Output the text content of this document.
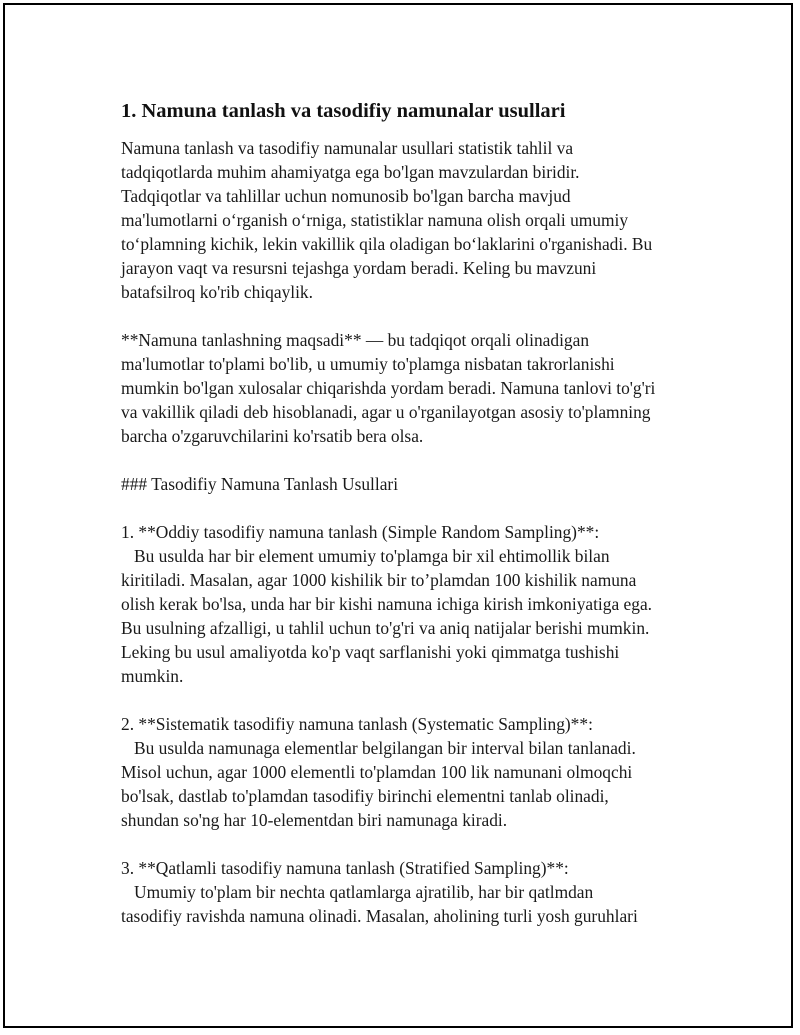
1. Namuna tanlash va tasodifiy namunalar usullari
Namuna tanlash va tasodifiy namunalar usullari statistik tahlil va
tadqiqotlarda muhim ahamiyatga ega bo'lgan mavzulardan biridir.
Tadqiqotlar va tahlillar uchun nomunosib bo'lgan barcha mavjud
ma'lumotlarni o‘rganish o‘rniga, statistiklar namuna olish orqali umumiy
to‘plamning kichik, lekin vakillik qila oladigan bo‘laklarini o'rganishadi. Bu
jarayon vaqt va resursni tejashga yordam beradi. Keling bu mavzuni
batafsilroq ko'rib chiqaylik.
**Namuna tanlashning maqsadi** — bu tadqiqot orqali olinadigan
ma'lumotlar to'plami bo'lib, u umumiy to'plamga nisbatan takrorlanishi
mumkin bo'lgan xulosalar chiqarishda yordam beradi. Namuna tanlovi to'g'ri
va vakillik qiladi deb hisoblanadi, agar u o'rganilayotgan asosiy to'plamning
barcha o'zgaruvchilarini ko'rsatib bera olsa.
### Tasodifiy Namuna Tanlash Usullari
1. **Oddiy tasodifiy namuna tanlash (Simple Random Sampling)**:
Bu usulda har bir element umumiy to'plamga bir xil ehtimollik bilan
kiritiladi. Masalan, agar 1000 kishilik bir to’plamdan 100 kishilik namuna
olish kerak bo'lsa, unda har bir kishi namuna ichiga kirish imkoniyatiga ega.
Bu usulning afzalligi, u tahlil uchun to'g'ri va aniq natijalar berishi mumkin.
Leking bu usul amaliyotda ko'p vaqt sarflanishi yoki qimmatga tushishi
mumkin.
2. **Sistematik tasodifiy namuna tanlash (Systematic Sampling)**:
Bu usulda namunaga elementlar belgilangan bir interval bilan tanlanadi.
Misol uchun, agar 1000 elementli to'plamdan 100 lik namunani olmoqchi
bo'lsak, dastlab to'plamdan tasodifiy birinchi elementni tanlab olinadi,
shundan so'ng har 10-elementdan biri namunaga kiradi.
3. **Qatlamli tasodifiy namuna tanlash (Stratified Sampling)**:
Umumiy to'plam bir nechta qatlamlarga ajratilib, har bir qatlmdan
tasodifiy ravishda namuna olinadi. Masalan, aholining turli yosh guruhlari
